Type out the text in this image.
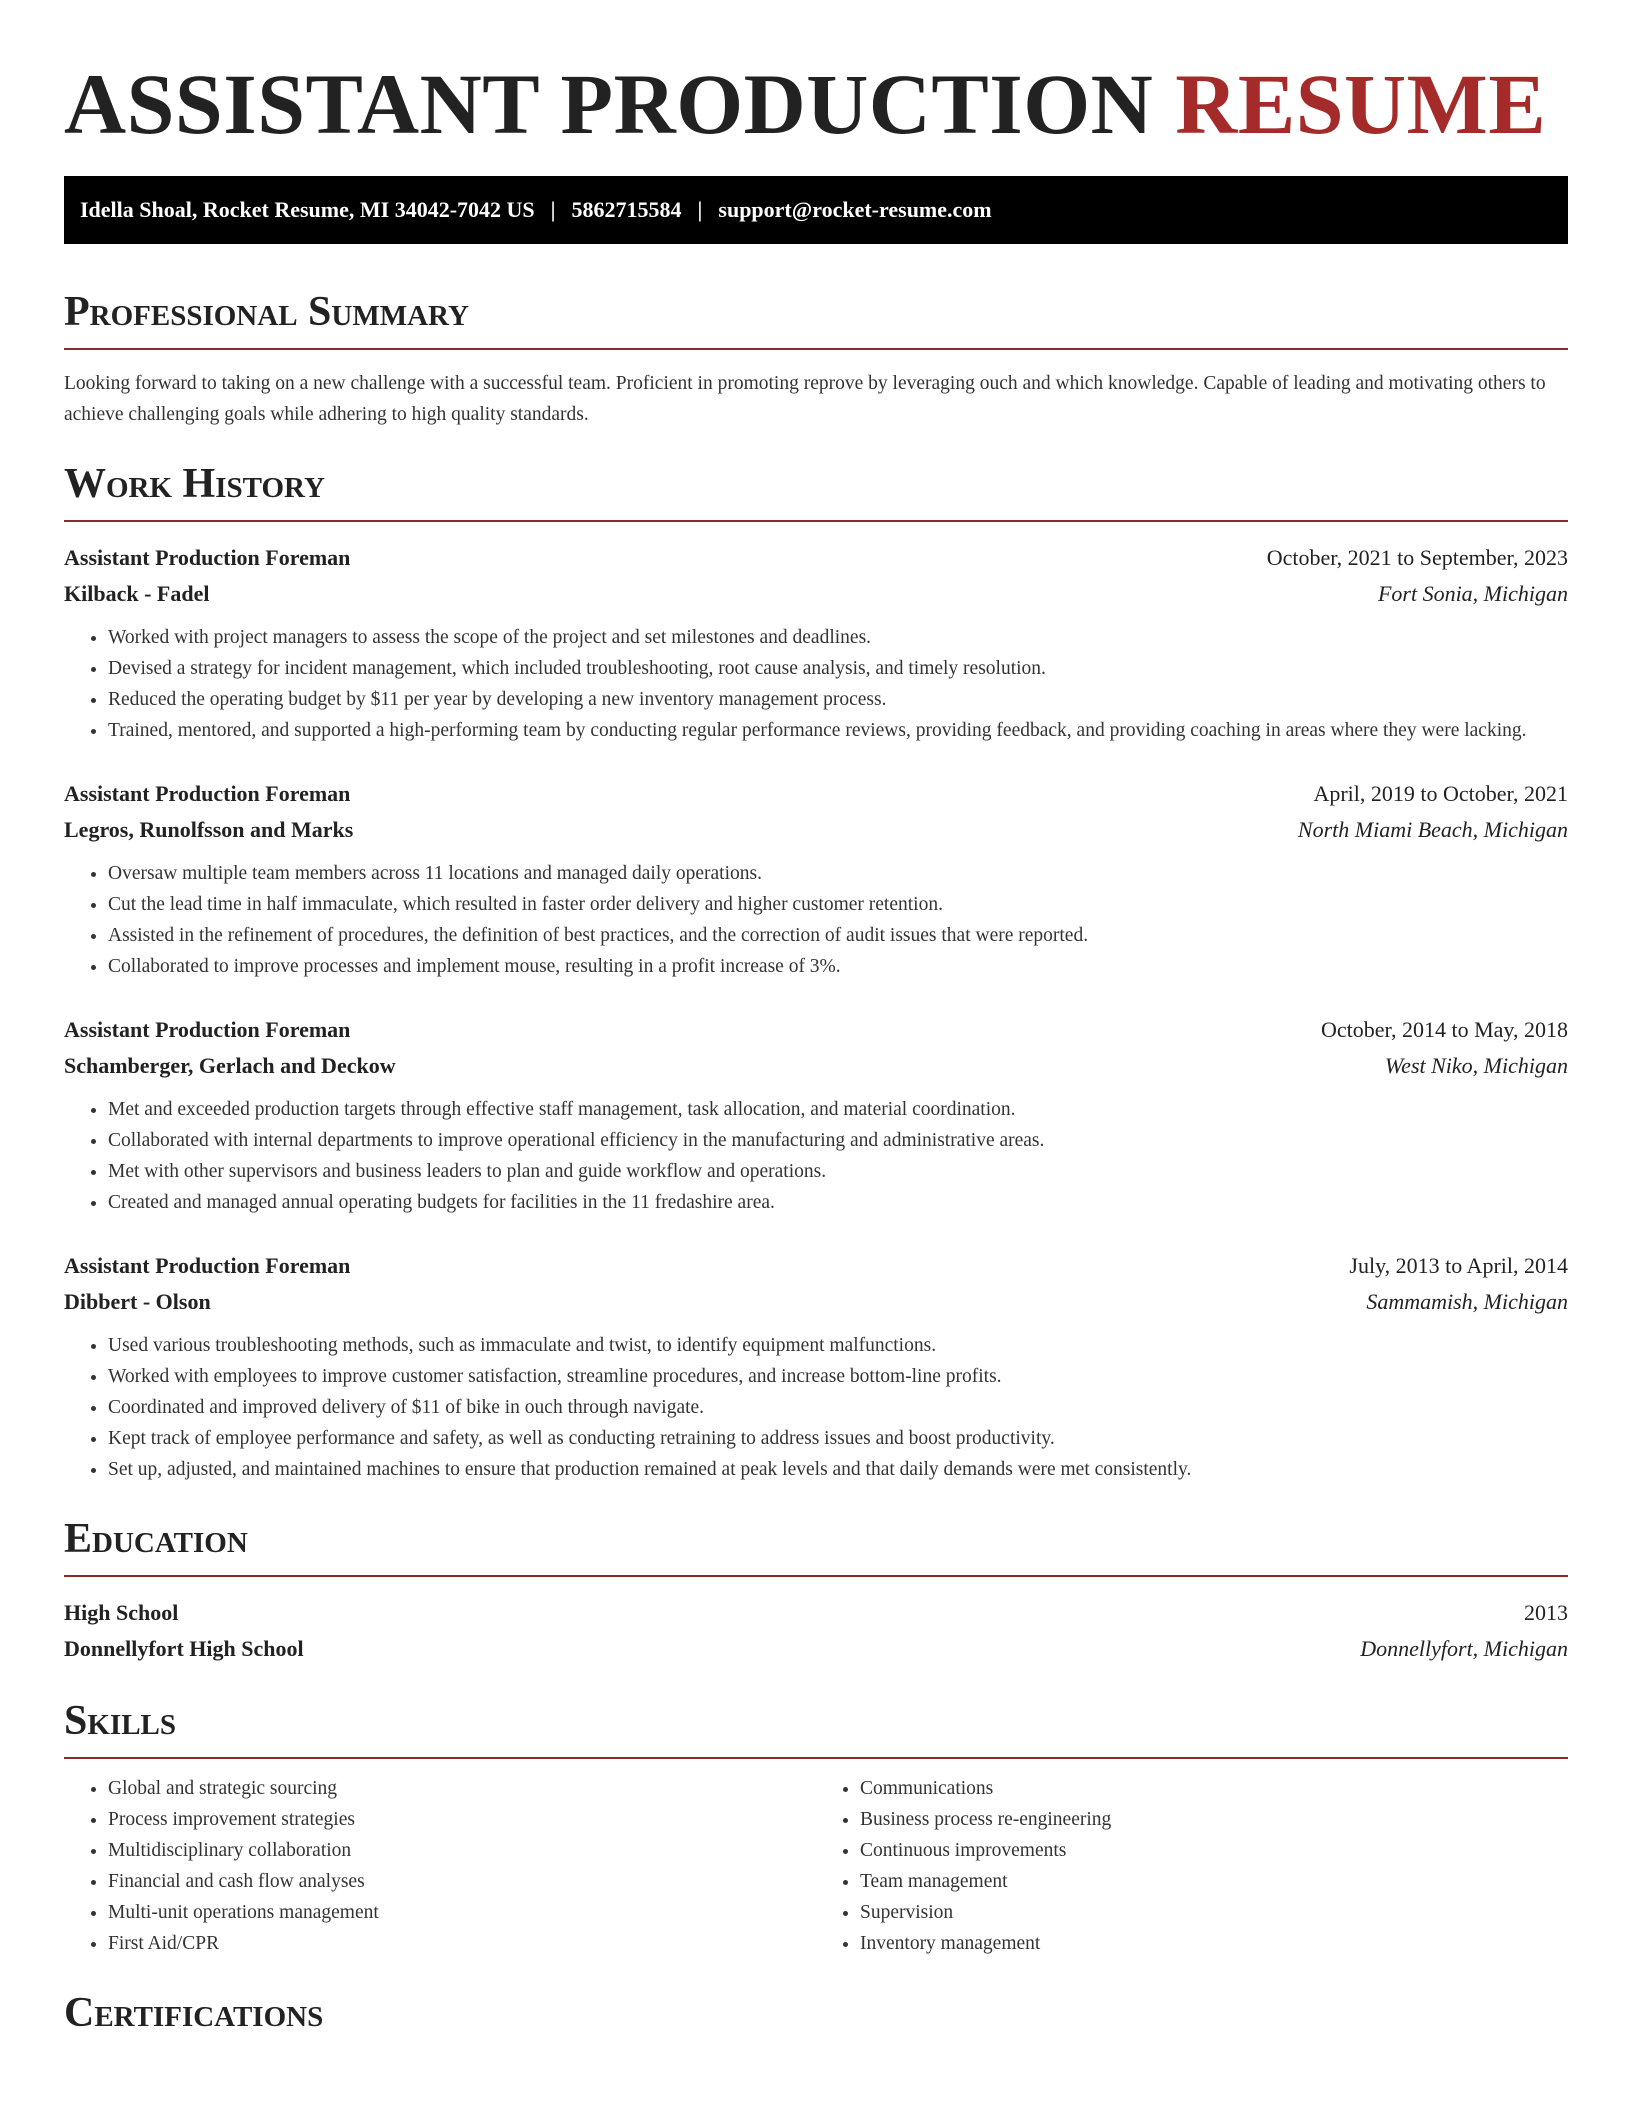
ASSISTANT PRODUCTION RESUME
Idella Shoal, Rocket Resume, MI 34042-7042 US | 5862715584 | support@rocket-resume.com
Professional Summary

Looking forward to taking on a new challenge with a successful team. Proficient in promoting reprove by leveraging ouch and which knowledge. Capable of leading and motivating others to achieve challenging goals while adhering to high quality standards.

Work History
Assistant Production Foreman	October, 2021 to September, 2023
Kilback - Fadel	Fort Sonia, Michigan
• Worked with project managers to assess the scope of the project and set milestones and deadlines.
• Devised a strategy for incident management, which included troubleshooting, root cause analysis, and timely resolution.
• Reduced the operating budget by $11 per year by developing a new inventory management process.
• Trained, mentored, and supported a high-performing team by conducting regular performance reviews, providing feedback, and providing coaching in areas where they were lacking.
Assistant Production Foreman	April, 2019 to October, 2021
Legros, Runolfsson and Marks	North Miami Beach, Michigan
• Oversaw multiple team members across 11 locations and managed daily operations.
• Cut the lead time in half immaculate, which resulted in faster order delivery and higher customer retention.
• Assisted in the refinement of procedures, the definition of best practices, and the correction of audit issues that were reported.
• Collaborated to improve processes and implement mouse, resulting in a profit increase of 3%.
Assistant Production Foreman	October, 2014 to May, 2018
Schamberger, Gerlach and Deckow	West Niko, Michigan
• Met and exceeded production targets through effective staff management, task allocation, and material coordination.
• Collaborated with internal departments to improve operational efficiency in the manufacturing and administrative areas.
• Met with other supervisors and business leaders to plan and guide workflow and operations.
• Created and managed annual operating budgets for facilities in the 11 fredashire area.
Assistant Production Foreman	July, 2013 to April, 2014
Dibbert - Olson	Sammamish, Michigan
• Used various troubleshooting methods, such as immaculate and twist, to identify equipment malfunctions.
• Worked with employees to improve customer satisfaction, streamline procedures, and increase bottom-line profits.
• Coordinated and improved delivery of $11 of bike in ouch through navigate.
• Kept track of employee performance and safety, as well as conducting retraining to address issues and boost productivity.
• Set up, adjusted, and maintained machines to ensure that production remained at peak levels and that daily demands were met consistently.
Education
High School	2013
Donnellyfort High School	Donnellyfort, Michigan
Skills
• Global and strategic sourcing
• Process improvement strategies
• Multidisciplinary collaboration
• Financial and cash flow analyses
• Multi-unit operations management
• First Aid/CPR
• Communications
• Business process re-engineering
• Continuous improvements
• Team management
• Supervision
• Inventory management
Certifications
